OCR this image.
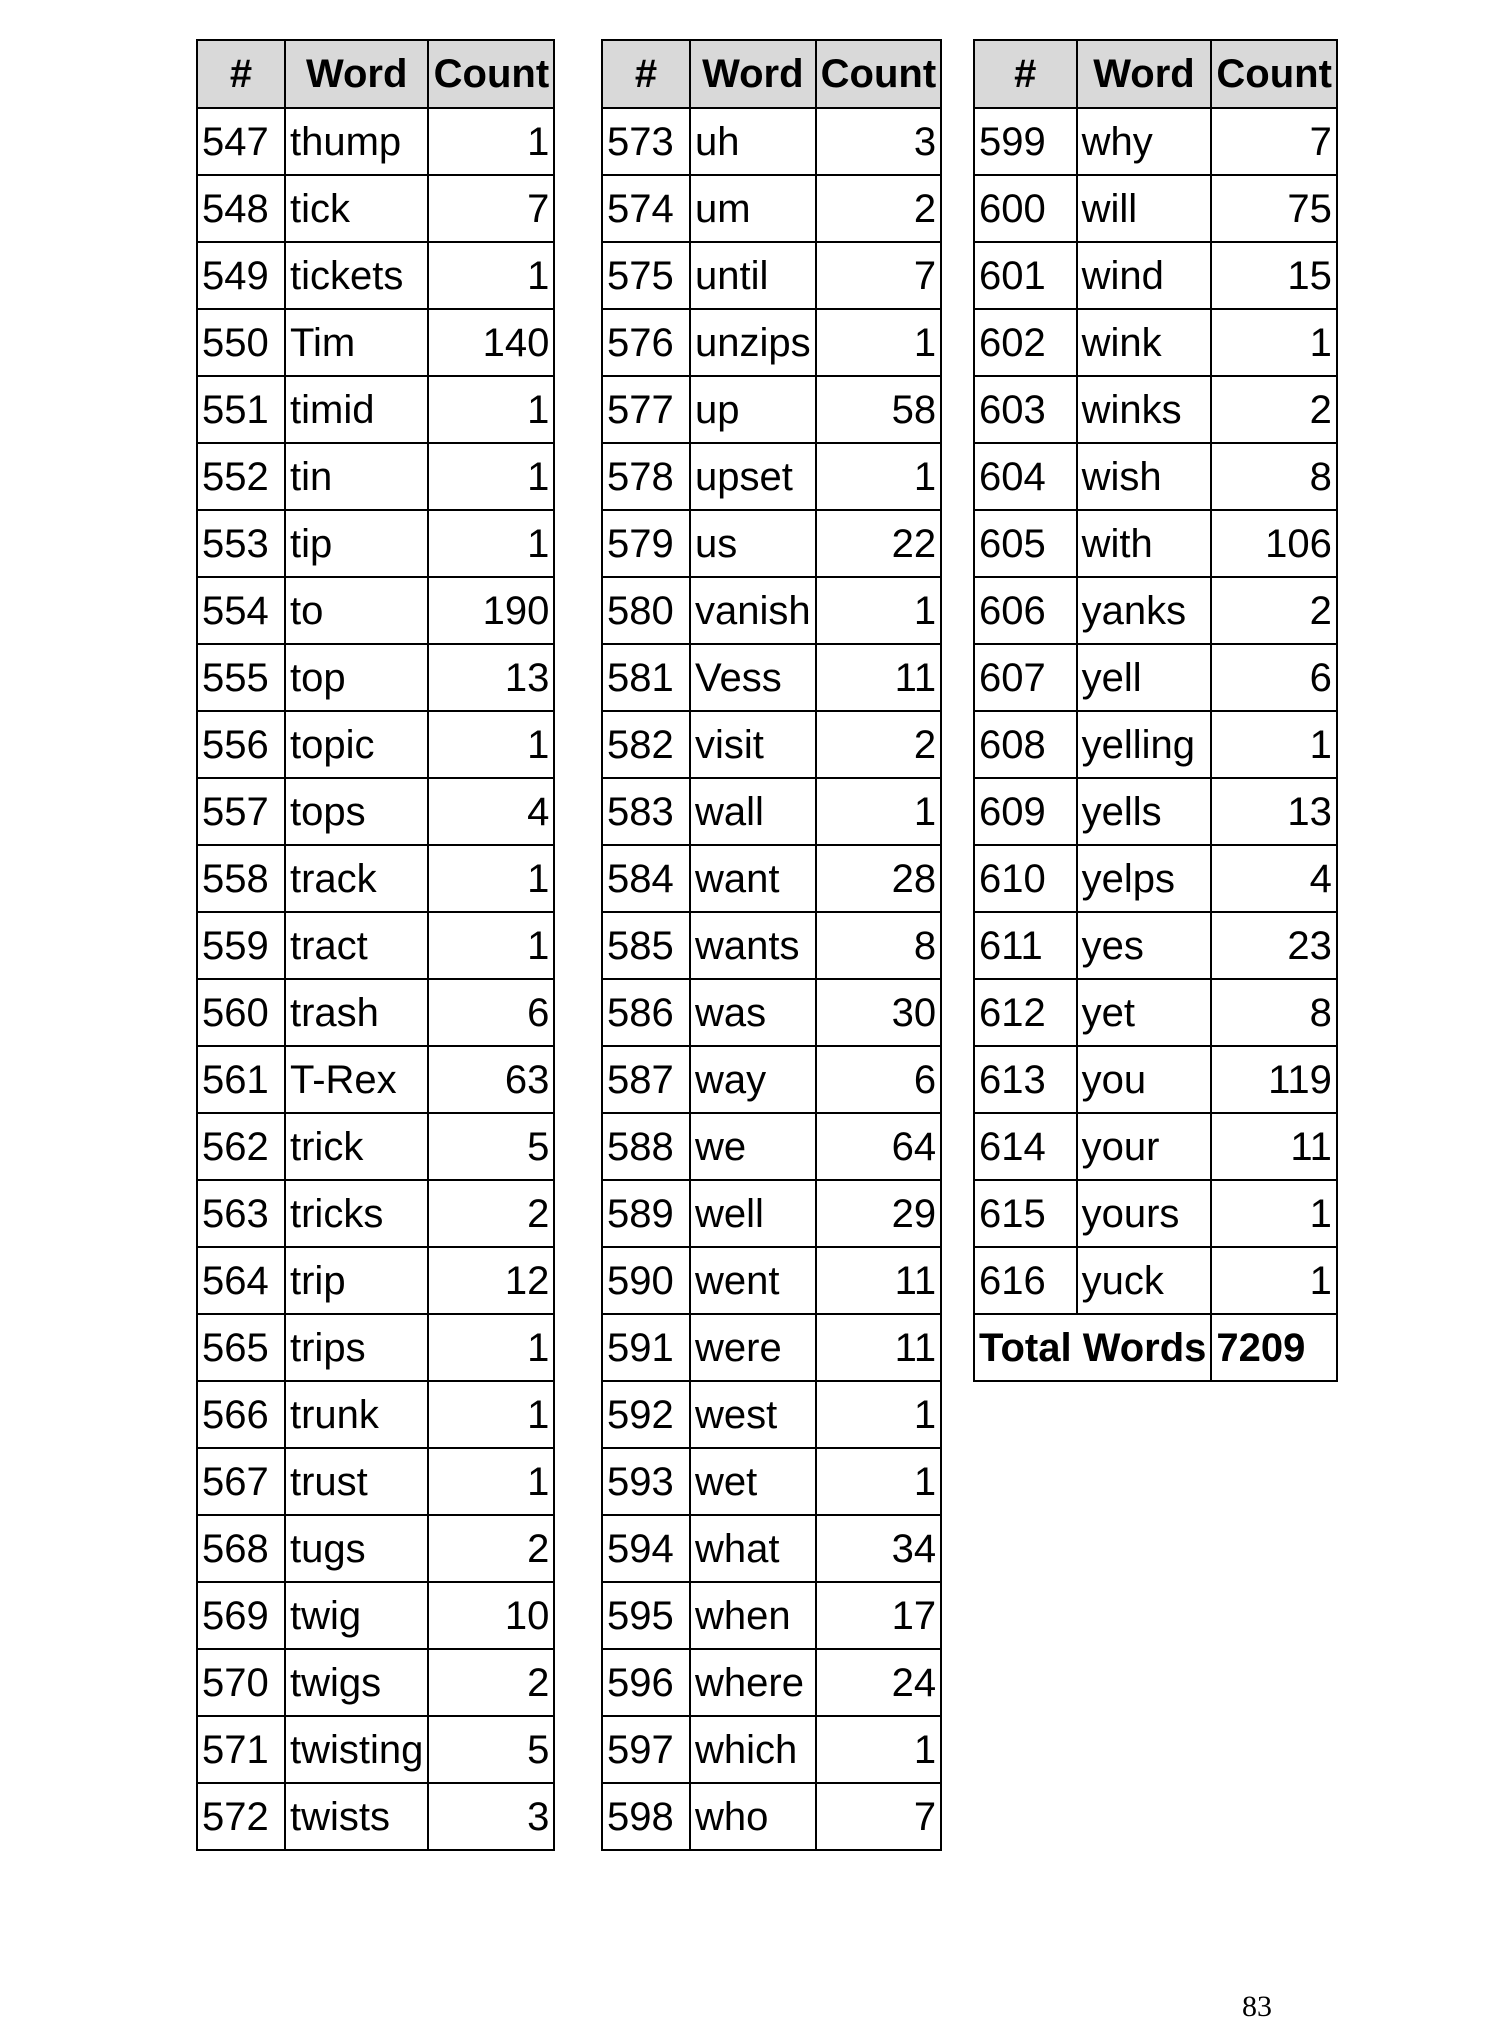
#	Word	Count
547	thump	1
548	tick	7
549	tickets	1
550	Tim	140
551	timid	1
552	tin	1
553	tip	1
554	to	190
555	top	13
556	topic	1
557	tops	4
558	track	1
559	tract	1
560	trash	6
561	T-Rex	63
562	trick	5
563	tricks	2
564	trip	12
565	trips	1
566	trunk	1
567	trust	1
568	tugs	2
569	twig	10
570	twigs	2
571	twisting	5
572	twists	3
#	Word	Count
573	uh	3
574	um	2
575	until	7
576	unzips	1
577	up	58
578	upset	1
579	us	22
580	vanish	1
581	Vess	11
582	visit	2
583	wall	1
584	want	28
585	wants	8
586	was	30
587	way	6
588	we	64
589	well	29
590	went	11
591	were	11
592	west	1
593	wet	1
594	what	34
595	when	17
596	where	24
597	which	1
598	who	7
#	Word	Count
599	why	7
600	will	75
601	wind	15
602	wink	1
603	winks	2
604	wish	8
605	with	106
606	yanks	2
607	yell	6
608	yelling	1
609	yells	13
610	yelps	4
611	yes	23
612	yet	8
613	you	119
614	your	11
615	yours	1
616	yuck	1
Total Words		7209
83
